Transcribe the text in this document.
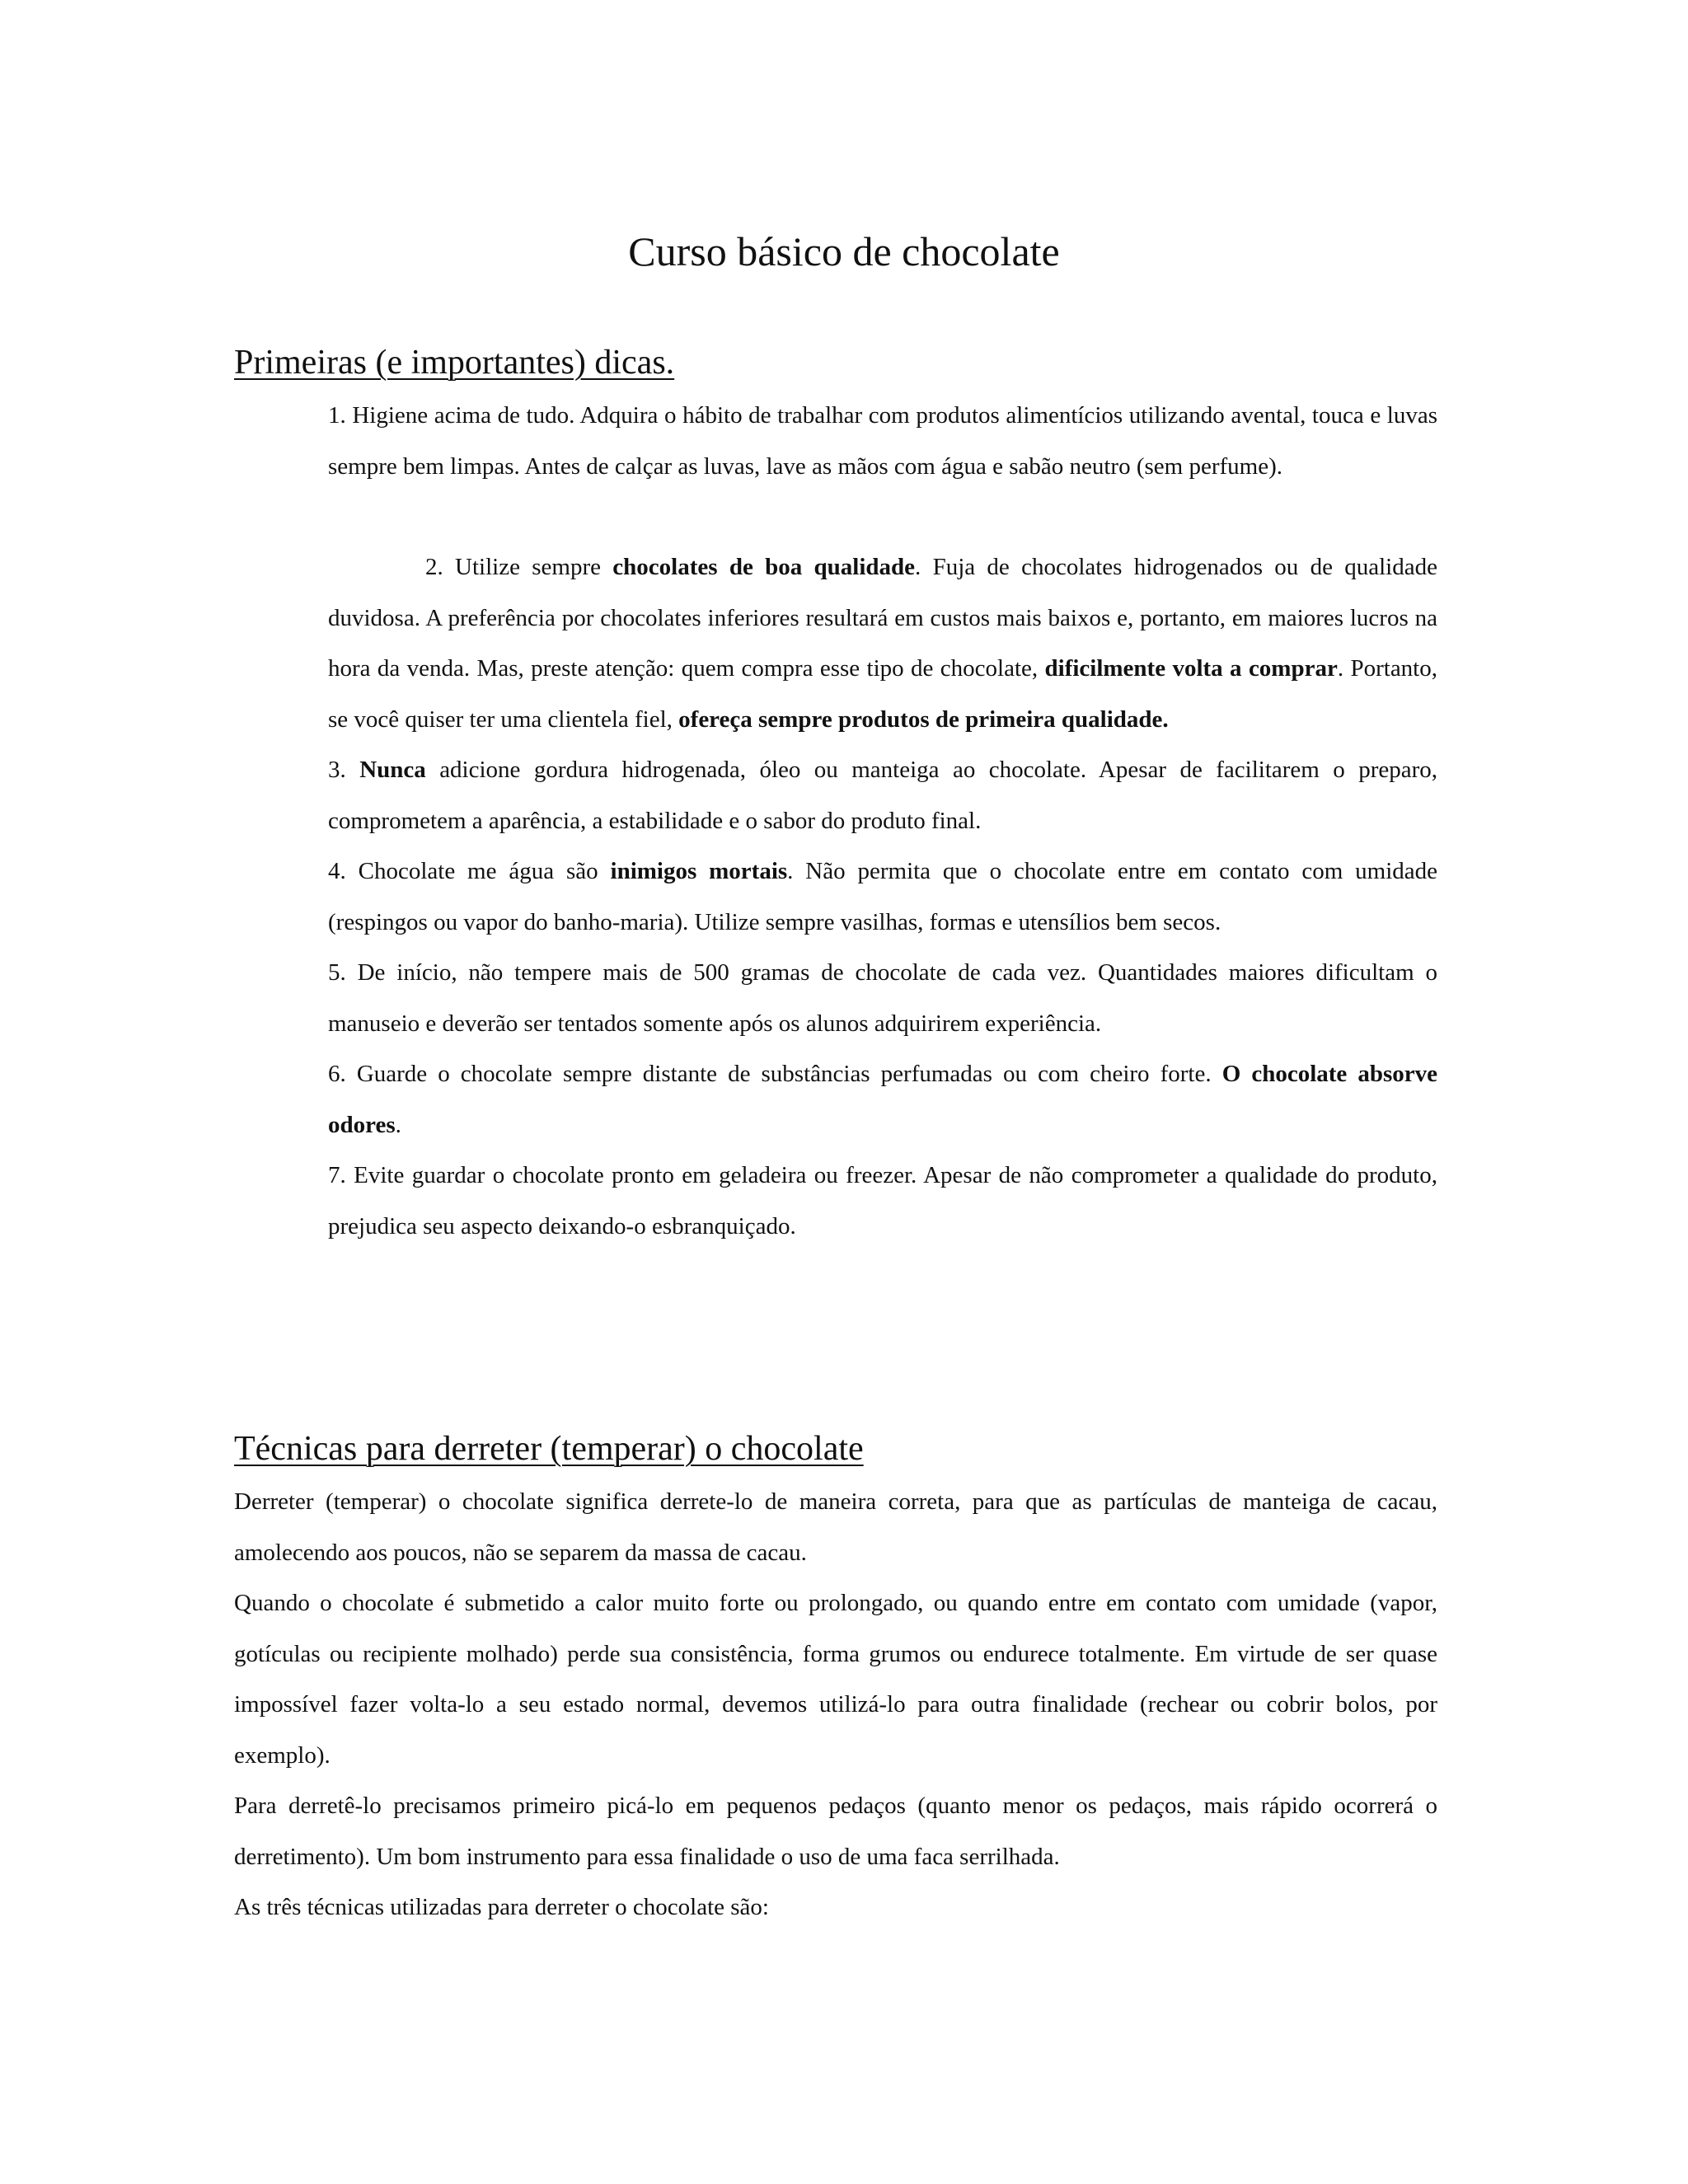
Curso básico de chocolate
Primeiras (e importantes) dicas.

1. Higiene acima de tudo. Adquira o hábito de trabalhar com produtos alimentícios utilizando avental, touca e luvas sempre bem limpas. Antes de calçar as luvas, lave as mãos com água e sabão neutro (sem perfume).

2. Utilize sempre chocolates de boa qualidade. Fuja de chocolates hidrogenados ou de qualidade duvidosa. A preferência por chocolates inferiores resultará em custos mais baixos e, portanto, em maiores lucros na hora da venda. Mas, preste atenção: quem compra esse tipo de chocolate, dificilmente volta a comprar. Portanto, se você quiser ter uma clientela fiel, ofereça sempre produtos de primeira qualidade.

3. Nunca adicione gordura hidrogenada, óleo ou manteiga ao chocolate. Apesar de facilitarem o preparo, comprometem a aparência, a estabilidade e o sabor do produto final.

4. Chocolate me água são inimigos mortais. Não permita que o chocolate entre em contato com umidade (respingos ou vapor do banho-maria). Utilize sempre vasilhas, formas e utensílios bem secos.

5. De início, não tempere mais de 500 gramas de chocolate de cada vez. Quantidades maiores dificultam o manuseio e deverão ser tentados somente após os alunos adquirirem experiência.

6. Guarde o chocolate sempre distante de substâncias perfumadas ou com cheiro forte. O chocolate absorve odores.

7. Evite guardar o chocolate pronto em geladeira ou freezer. Apesar de não comprometer a qualidade do produto, prejudica seu aspecto deixando-o esbranquiçado.

Técnicas para derreter (temperar) o chocolate

Derreter (temperar) o chocolate significa derrete-lo de maneira correta, para que as partículas de manteiga de cacau, amolecendo aos poucos, não se separem da massa de cacau.

Quando o chocolate é submetido a calor muito forte ou prolongado, ou quando entre em contato com umidade (vapor, gotículas ou recipiente molhado) perde sua consistência, forma grumos ou endurece totalmente. Em virtude de ser quase impossível fazer volta-lo a seu estado normal, devemos utilizá-lo para outra finalidade (rechear ou cobrir bolos, por exemplo).

Para derretê-lo precisamos primeiro picá-lo em pequenos pedaços (quanto menor os pedaços, mais rápido ocorrerá o derretimento). Um bom instrumento para essa finalidade o uso de uma faca serrilhada.

As três técnicas utilizadas para derreter o chocolate são:
